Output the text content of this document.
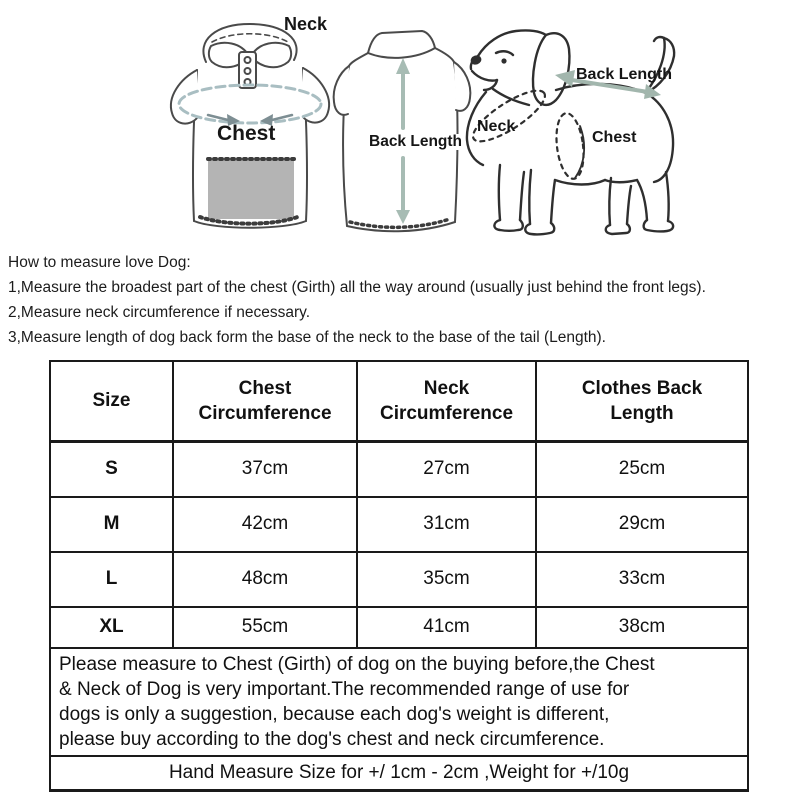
Neck
Chest	Back Length
Neck
Chest
Back Length
How to measure love Dog:
1,Measure the broadest part of the chest (Girth) all the way around (usually just behind the front legs).
2,Measure neck circumference if necessary.
3,Measure length of dog back form the base of the neck to the base of the tail (Length).
Size	Chest Circumference	Neck Circumference	Clothes Back Length
S	37cm	27cm	25cm
M	42cm	31cm	29cm
L	48cm	35cm	33cm
XL	55cm	41cm	38cm

Please measure to Chest (Girth) of dog on the buying before,the Chest
& Neck of Dog is very important.The recommended range of use for
dogs is only a suggestion, because each dog's weight is different,
please buy according to the dog's chest and neck circumference.			

Hand Measure Size for +/ 1cm - 2cm ,Weight for +/10g			
